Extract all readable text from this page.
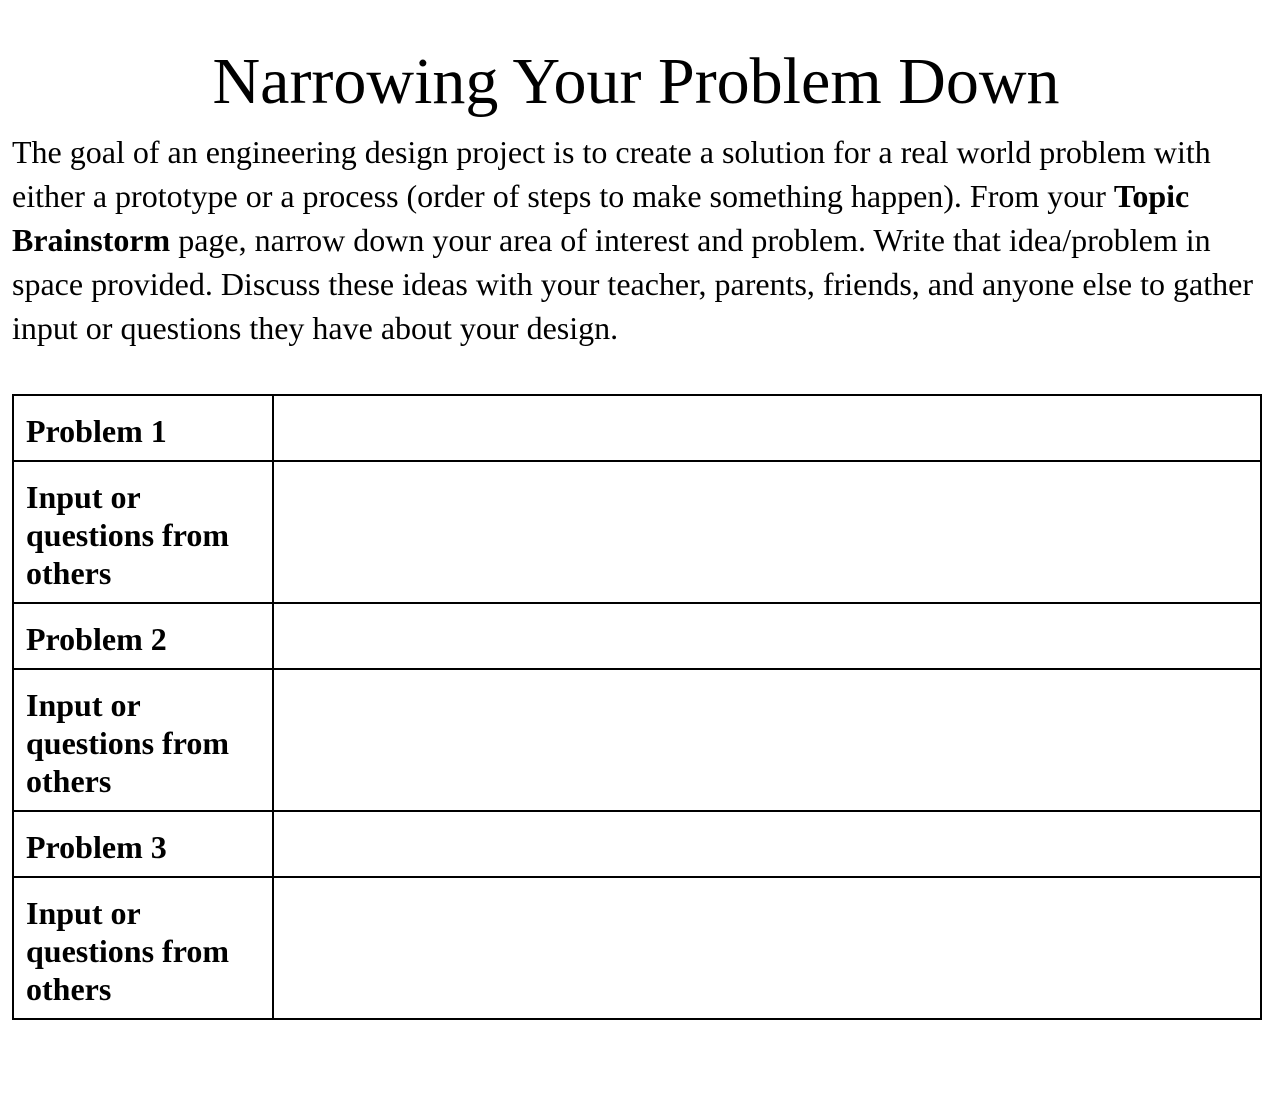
Narrowing Your Problem Down

The goal of an engineering design project is to create a solution for a real world problem with either a prototype or a process (order of steps to make something happen). From your Topic Brainstorm page, narrow down your area of interest and problem. Write that idea/problem in space provided. Discuss these ideas with your teacher, parents, friends, and anyone else to gather input or questions they have about your design.

Problem 1	
Input or questions from others	
Problem 2	
Input or questions from others	
Problem 3	
Input or questions from others	
